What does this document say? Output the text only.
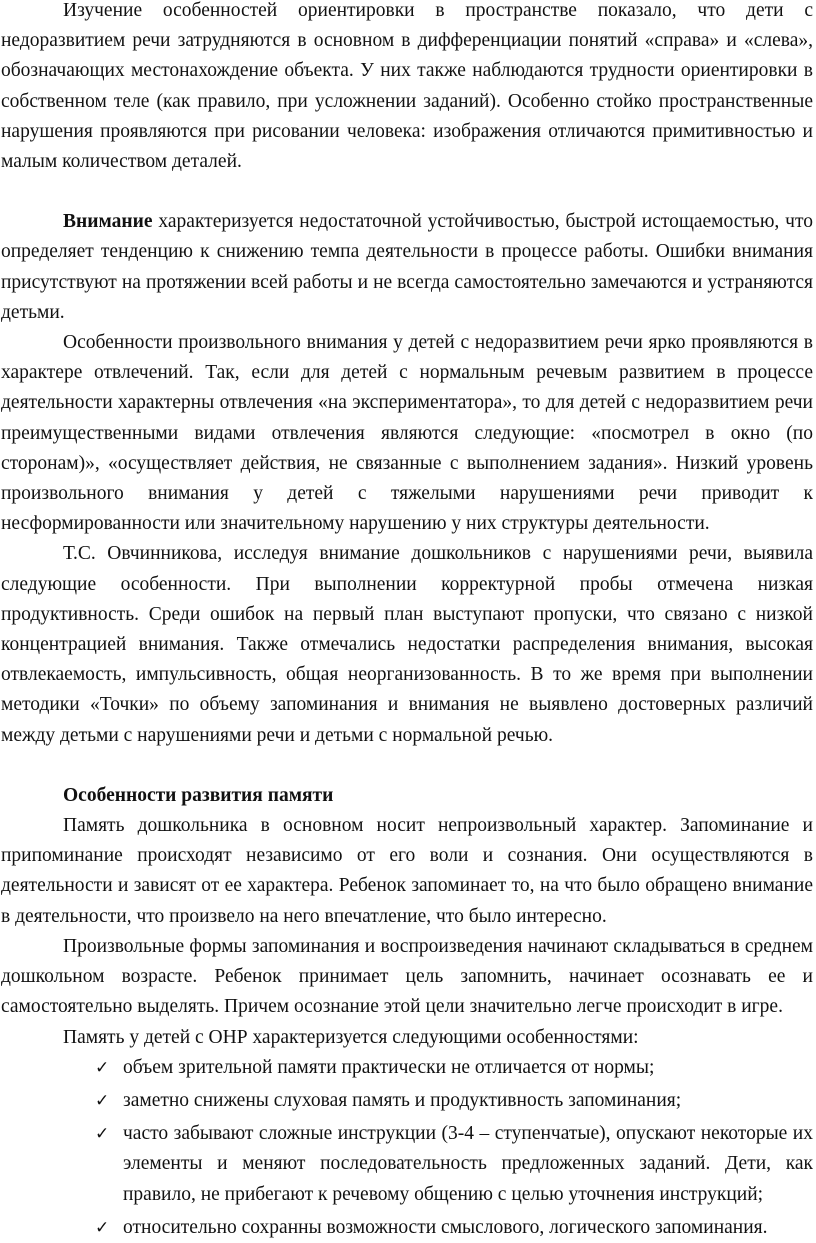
Изучение особенностей ориентировки в пространстве показало, что дети с недоразвитием речи затрудняются в основном в дифференциации понятий «справа» и «слева», обозначающих местонахождение объекта. У них также наблюдаются трудности ориентировки в собственном теле (как правило, при усложнении заданий). Особенно стойко пространственные нарушения проявляются при рисовании человека: изображения отличаются примитивностью и малым количеством деталей.

Внимание характеризуется недостаточной устойчивостью, быстрой истощаемостью, что определяет тенденцию к снижению темпа деятельности в процессе работы. Ошибки внимания присутствуют на протяжении всей работы и не всегда самостоятельно замечаются и устраняются детьми.

Особенности произвольного внимания у детей с недоразвитием речи ярко проявляются в характере отвлечений. Так, если для детей с нормальным речевым развитием в процессе деятельности характерны отвлечения «на экспериментатора», то для детей с недоразвитием речи преимущественными видами отвлечения являются следующие: «посмотрел в окно (по сторонам)», «осуществляет действия, не связанные с выполнением задания». Низкий уровень произвольного внимания у детей с тяжелыми нарушениями речи приводит к несформированности или значительному нарушению у них структуры деятельности.

Т.С. Овчинникова, исследуя внимание дошкольников с нарушениями речи, выявила следующие особенности. При выполнении корректурной пробы отмечена низкая продуктивность. Среди ошибок на первый план выступают пропуски, что связано с низкой концентрацией внимания. Также отмечались недостатки распределения внимания, высокая отвлекаемость, импульсивность, общая неорганизованность. В то же время при выполнении методики «Точки» по объему запоминания и внимания не выявлено достоверных различий между детьми с нарушениями речи и детьми с нормальной речью.

Особенности развития памяти

Память дошкольника в основном носит непроизвольный характер. Запоминание и припоминание происходят независимо от его воли и сознания. Они осуществляются в деятельности и зависят от ее характера. Ребенок запоминает то, на что было обращено внимание в деятельности, что произвело на него впечатление, что было интересно.

Произвольные формы запоминания и воспроизведения начинают складываться в среднем дошкольном возрасте. Ребенок принимает цель запомнить, начинает осознавать ее и самостоятельно выделять. Причем осознание этой цели значительно легче происходит в игре.

Память у детей с ОНР характеризуется следующими особенностями:

✓ объем зрительной памяти практически не отличается от нормы;
✓ заметно снижены слуховая память и продуктивность запоминания;
✓ часто забывают сложные инструкции (3-4 – ступенчатые), опускают некоторые их элементы и меняют последовательность предложенных заданий. Дети, как правило, не прибегают к речевому общению с целью уточнения инструкций;
✓ относительно сохранны возможности смыслового, логического запоминания.
